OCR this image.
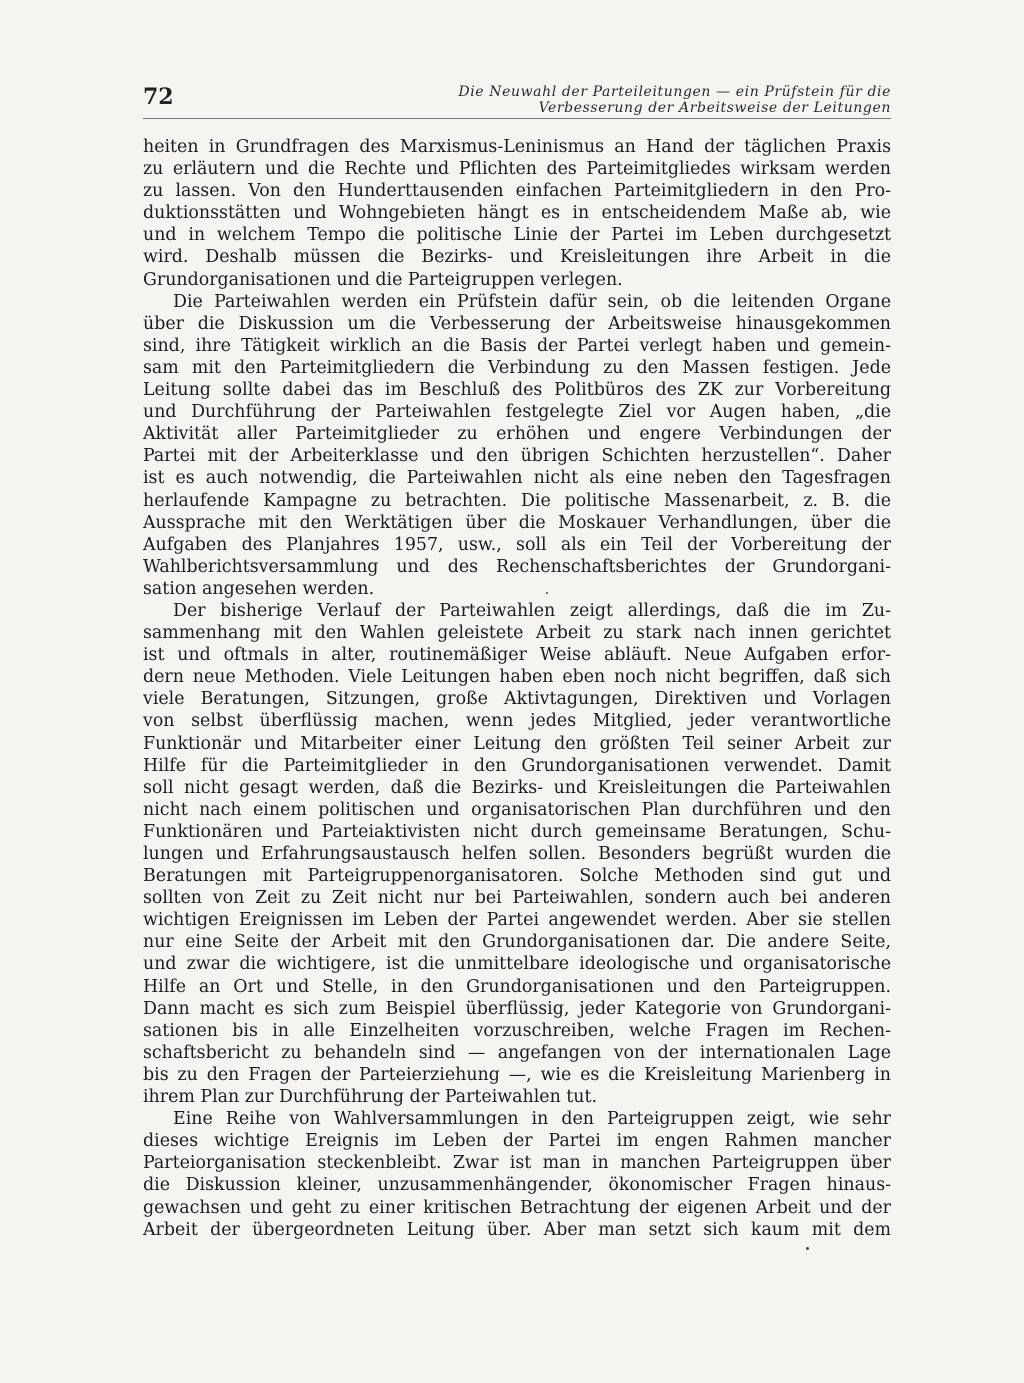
72	Die Neuwahl der Parteileitungen — ein Prüfstein für die
Verbesserung der Arbeitsweise der Leitungen
heiten in Grundfragen des Marxismus-Leninismus an Hand der täglichen Praxis
zu erläutern und die Rechte und Pflichten des Parteimitgliedes wirksam werden
zu lassen. Von den Hunderttausenden einfachen Parteimitgliedern in den Pro-
duktionsstätten und Wohngebieten hängt es in entscheidendem Maße ab, wie
und in welchem Tempo die politische Linie der Partei im Leben durchgesetzt
wird. Deshalb müssen die Bezirks- und Kreisleitungen ihre Arbeit in die
Grundorganisationen und die Parteigruppen verlegen.
Die Parteiwahlen werden ein Prüfstein dafür sein, ob die leitenden Organe
über die Diskussion um die Verbesserung der Arbeitsweise hinausgekommen
sind, ihre Tätigkeit wirklich an die Basis der Partei verlegt haben und gemein-
sam mit den Parteimitgliedern die Verbindung zu den Massen festigen. Jede
Leitung sollte dabei das im Beschluß des Politbüros des ZK zur Vorbereitung
und Durchführung der Parteiwahlen festgelegte Ziel vor Augen haben, „die
Aktivität aller Parteimitglieder zu erhöhen und engere Verbindungen der
Partei mit der Arbeiterklasse und den übrigen Schichten herzustellen“. Daher
ist es auch notwendig, die Parteiwahlen nicht als eine neben den Tagesfragen
herlaufende Kampagne zu betrachten. Die politische Massenarbeit, z. B. die
Aussprache mit den Werktätigen über die Moskauer Verhandlungen, über die
Aufgaben des Planjahres 1957, usw., soll als ein Teil der Vorbereitung der
Wahlberichtsversammlung und des Rechenschaftsberichtes der Grundorgani-
sation angesehen werden.
Der bisherige Verlauf der Parteiwahlen zeigt allerdings, daß die im Zu-
sammenhang mit den Wahlen geleistete Arbeit zu stark nach innen gerichtet
ist und oftmals in alter, routinemäßiger Weise abläuft. Neue Aufgaben erfor-
dern neue Methoden. Viele Leitungen haben eben noch nicht begriffen, daß sich
viele Beratungen, Sitzungen, große Aktivtagungen, Direktiven und Vorlagen
von selbst überflüssig machen, wenn jedes Mitglied, jeder verantwortliche
Funktionär und Mitarbeiter einer Leitung den größten Teil seiner Arbeit zur
Hilfe für die Parteimitglieder in den Grundorganisationen verwendet. Damit
soll nicht gesagt werden, daß die Bezirks- und Kreisleitungen die Parteiwahlen
nicht nach einem politischen und organisatorischen Plan durchführen und den
Funktionären und Parteiaktivisten nicht durch gemeinsame Beratungen, Schu-
lungen und Erfahrungsaustausch helfen sollen. Besonders begrüßt wurden die
Beratungen mit Parteigruppenorganisatoren. Solche Methoden sind gut und
sollten von Zeit zu Zeit nicht nur bei Parteiwahlen, sondern auch bei anderen
wichtigen Ereignissen im Leben der Partei angewendet werden. Aber sie stellen
nur eine Seite der Arbeit mit den Grundorganisationen dar. Die andere Seite,
und zwar die wichtigere, ist die unmittelbare ideologische und organisatorische
Hilfe an Ort und Stelle, in den Grundorganisationen und den Parteigruppen.
Dann macht es sich zum Beispiel überflüssig, jeder Kategorie von Grundorgani-
sationen bis in alle Einzelheiten vorzuschreiben, welche Fragen im Rechen-
schaftsbericht zu behandeln sind — angefangen von der internationalen Lage
bis zu den Fragen der Parteierziehung —, wie es die Kreisleitung Marienberg in
ihrem Plan zur Durchführung der Parteiwahlen tut.
Eine Reihe von Wahlversammlungen in den Parteigruppen zeigt, wie sehr
dieses wichtige Ereignis im Leben der Partei im engen Rahmen mancher
Parteiorganisation steckenbleibt. Zwar ist man in manchen Parteigruppen über
die Diskussion kleiner, unzusammenhängender, ökonomischer Fragen hinaus-
gewachsen und geht zu einer kritischen Betrachtung der eigenen Arbeit und der
Arbeit der übergeordneten Leitung über. Aber man setzt sich kaum mit dem
